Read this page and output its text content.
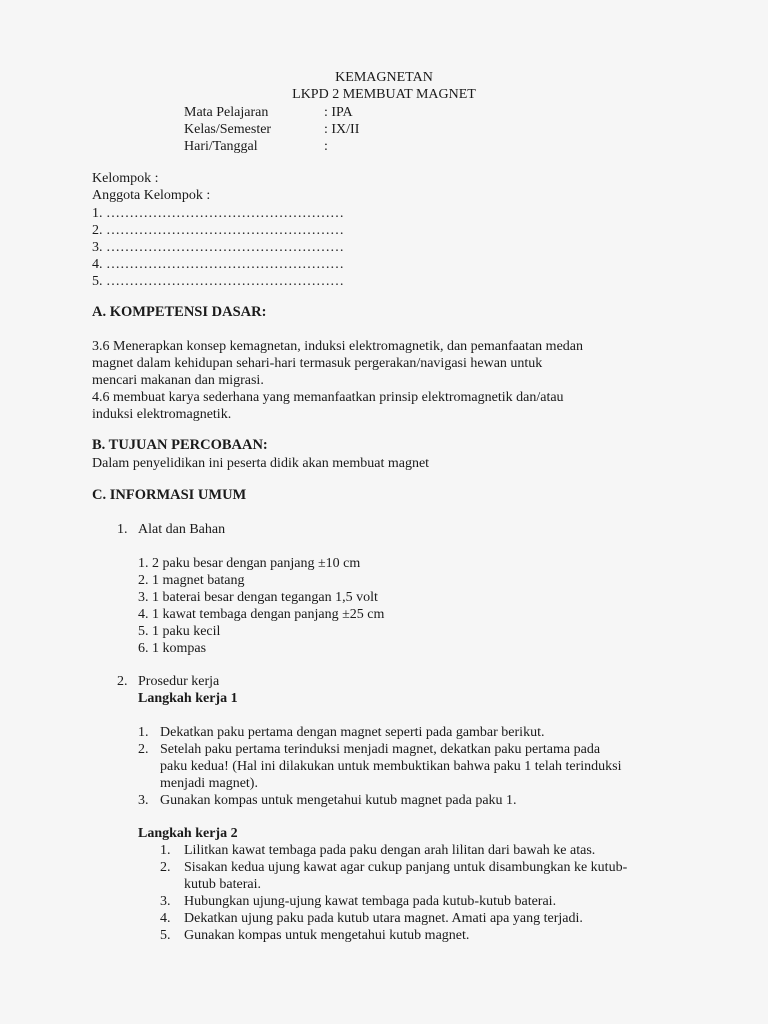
KEMAGNETAN
LKPD 2 MEMBUAT MAGNET
Mata Pelajaran	: IPA
Kelas/Semester	: IX/II
Hari/Tanggal	:
Kelompok :
Anggota Kelompok :
1. ……………………………………………
2. ……………………………………………
3. ……………………………………………
4. ……………………………………………
5. ……………………………………………
A. KOMPETENSI DASAR:
3.6 Menerapkan konsep kemagnetan, induksi elektromagnetik, dan pemanfaatan medan
magnet dalam kehidupan sehari-hari termasuk pergerakan/navigasi hewan untuk
mencari makanan dan migrasi.
4.6 membuat karya sederhana yang memanfaatkan prinsip elektromagnetik dan/atau
induksi elektromagnetik.
B. TUJUAN PERCOBAAN:
Dalam penyelidikan ini peserta didik akan membuat magnet
C. INFORMASI UMUM
1. Alat dan Bahan
1. 2 paku besar dengan panjang ±10 cm
2. 1 magnet batang
3. 1 baterai besar dengan tegangan 1,5 volt
4. 1 kawat tembaga dengan panjang ±25 cm
5. 1 paku kecil
6. 1 kompas
2. Prosedur kerja
Langkah kerja 1
1. Dekatkan paku pertama dengan magnet seperti pada gambar berikut.
2. Setelah paku pertama terinduksi menjadi magnet, dekatkan paku pertama pada
paku kedua! (Hal ini dilakukan untuk membuktikan bahwa paku 1 telah terinduksi
menjadi magnet).
3. Gunakan kompas untuk mengetahui kutub magnet pada paku 1.
Langkah kerja 2
1. Lilitkan kawat tembaga pada paku dengan arah lilitan dari bawah ke atas.
2. Sisakan kedua ujung kawat agar cukup panjang untuk disambungkan ke kutub-
kutub baterai.
3. Hubungkan ujung-ujung kawat tembaga pada kutub-kutub baterai.
4. Dekatkan ujung paku pada kutub utara magnet. Amati apa yang terjadi.
5. Gunakan kompas untuk mengetahui kutub magnet.
